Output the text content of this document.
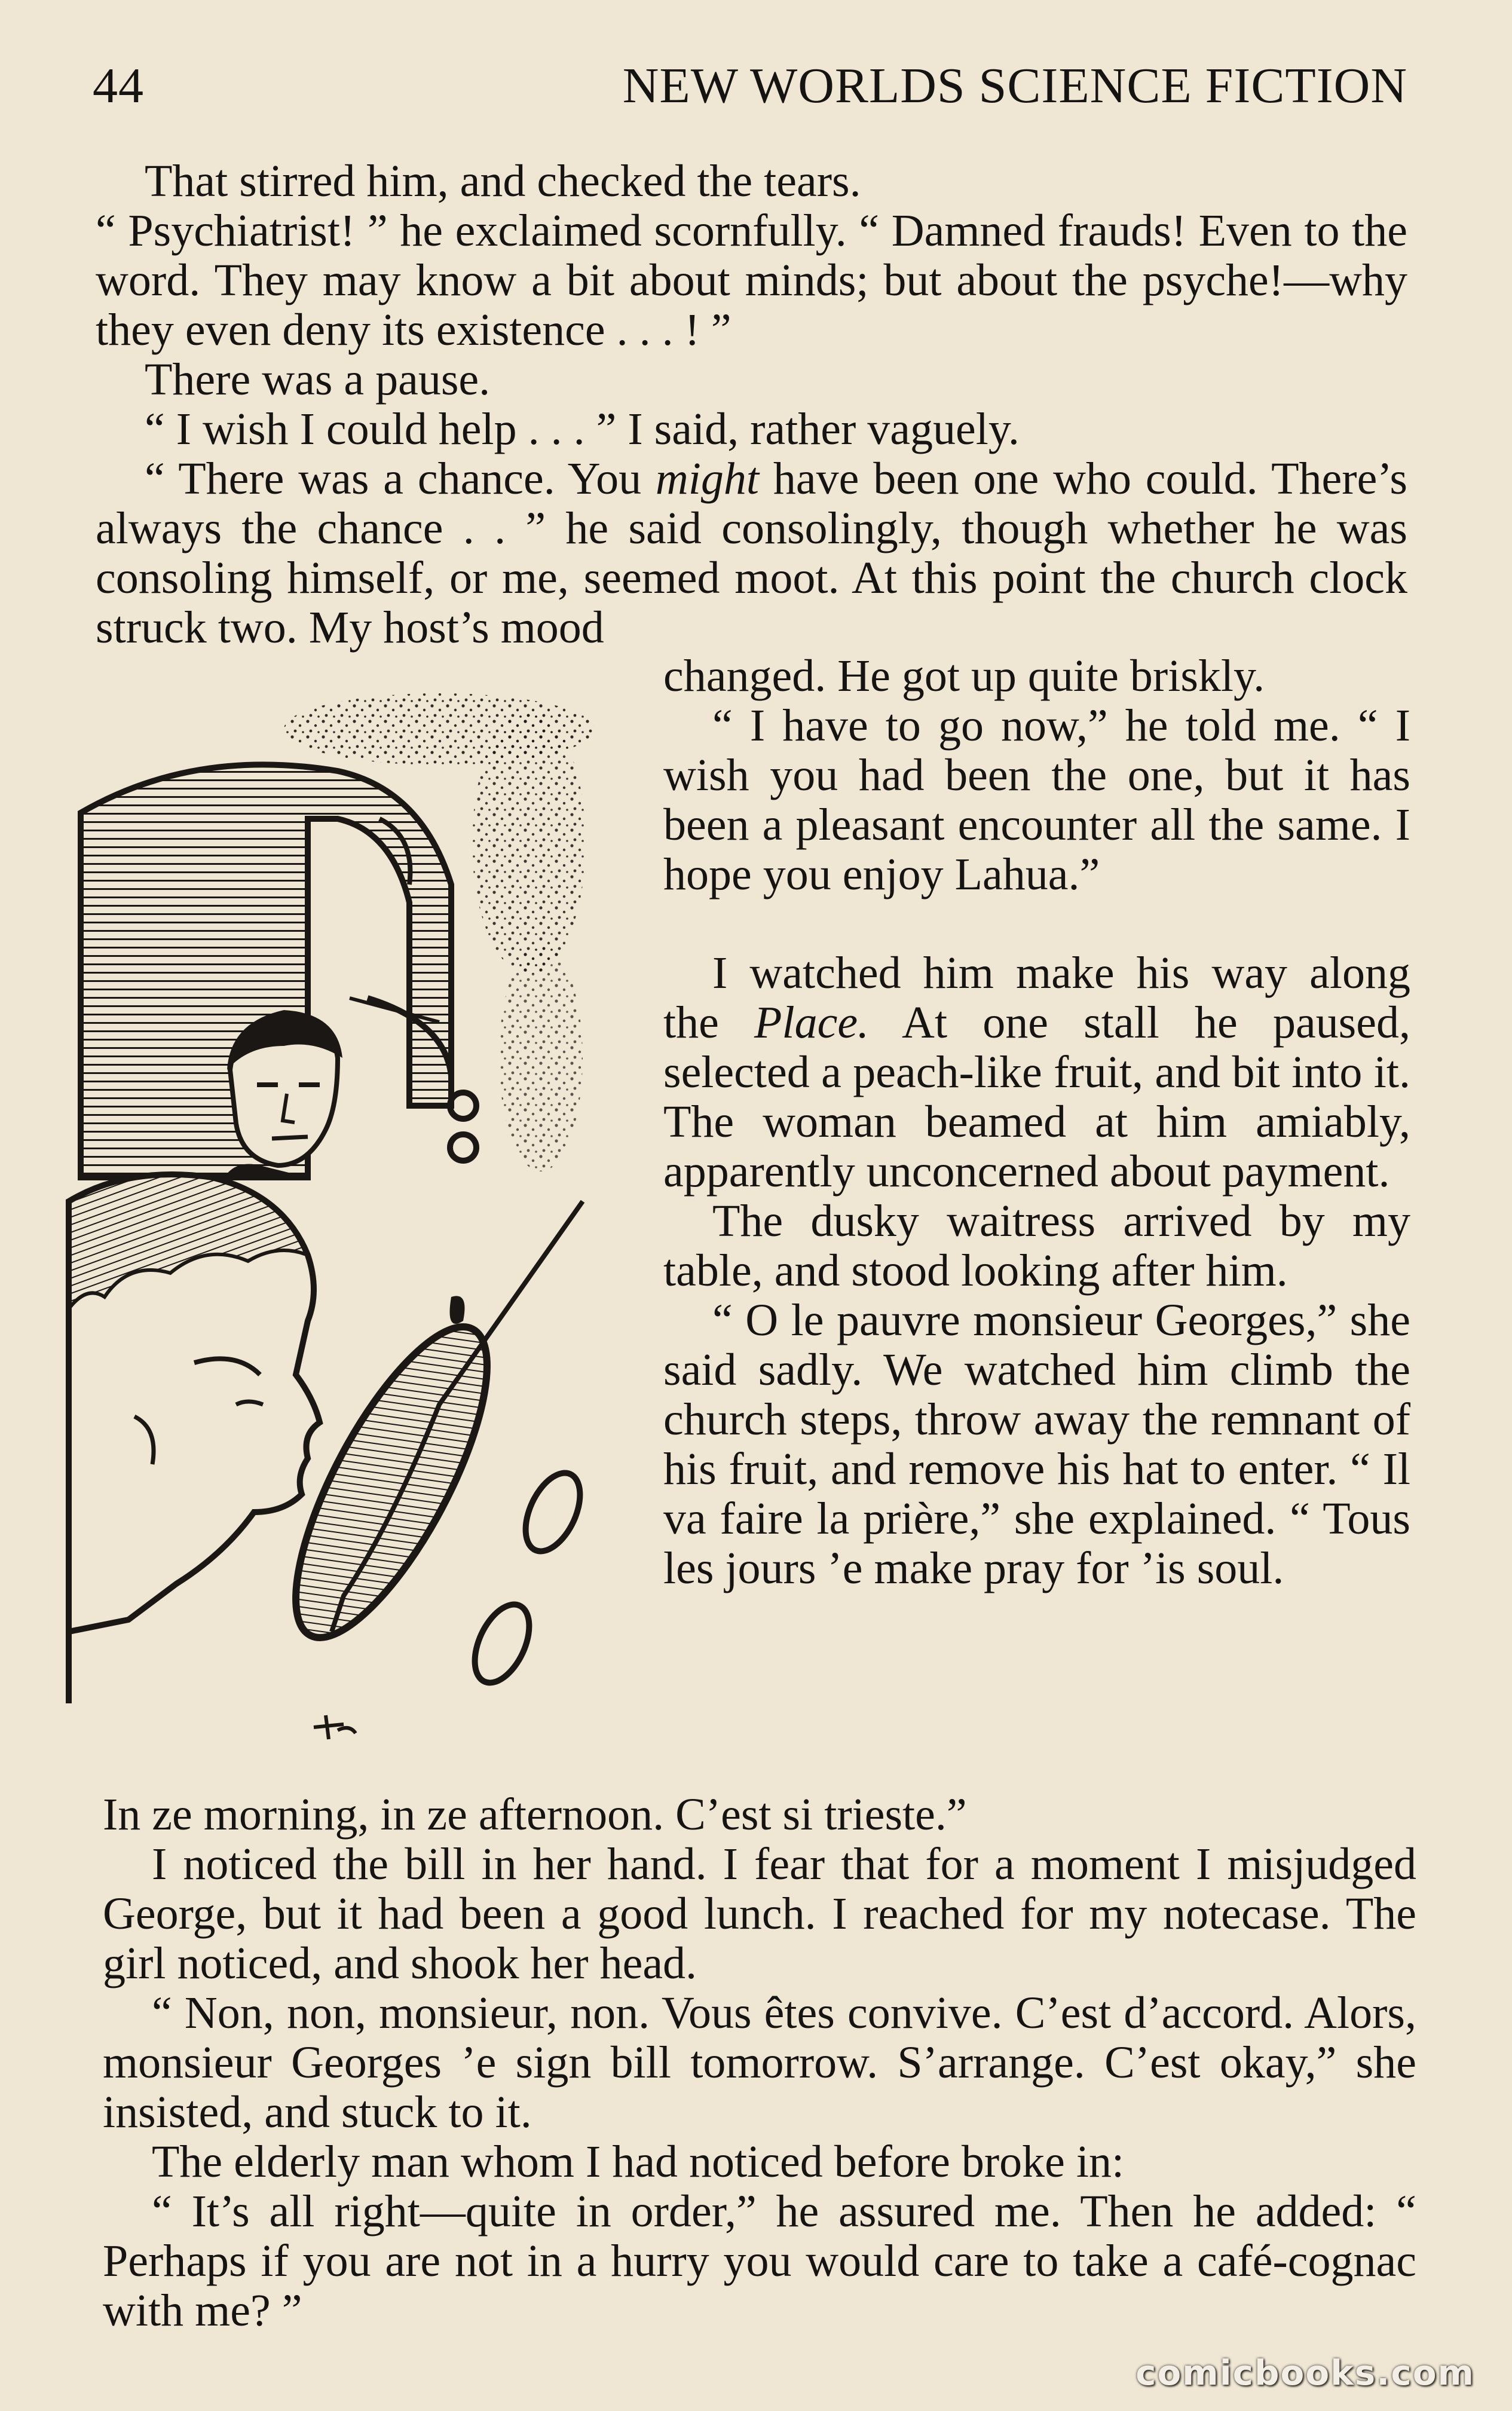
44	NEW WORLDS SCIENCE FICTION

That stirred him, and checked the tears.

“ Psychiatrist! ” he exclaimed scornfully. “ Damned frauds! Even to the word. They may know a bit about minds; but about the psyche!—why they even deny its existence . . . ! ”

There was a pause.

“ I wish I could help . . . ” I said, rather vaguely.

“ There was a chance. You might have been one who could. There’s always the chance . . ” he said consolingly, though whether he was consoling himself, or me, seemed moot. At this point the church clock struck two. My host’s mood

changed. He got up quite briskly.

“ I have to go now,” he told me. “ I wish you had been the one, but it has been a pleasant encounter all the same. I hope you enjoy Lahua.”

I watched him make his way along the Place. At one stall he paused, selected a peach-like fruit, and bit into it. The woman beamed at him amiably, apparently unconcerned about payment.

The dusky waitress arrived by my table, and stood looking after him.

“ O le pauvre monsieur Georges,” she said sadly. We watched him climb the church steps, throw away the remnant of his fruit, and remove his hat to enter. “ Il va faire la prière,” she explained. “ Tous les jours ’e make pray for ’is soul.

In ze morning, in ze afternoon. C’est si trieste.”

I noticed the bill in her hand. I fear that for a moment I misjudged George, but it had been a good lunch. I reached for my notecase. The girl noticed, and shook her head.

“ Non, non, monsieur, non. Vous êtes convive. C’est d’accord. Alors, monsieur Georges ’e sign bill tomorrow. S’arrange. C’est okay,” she insisted, and stuck to it.

The elderly man whom I had noticed before broke in:

“ It’s all right—quite in order,” he assured me. Then he added: “ Perhaps if you are not in a hurry you would care to take a café-cognac with me? ”

comicbooks.com
